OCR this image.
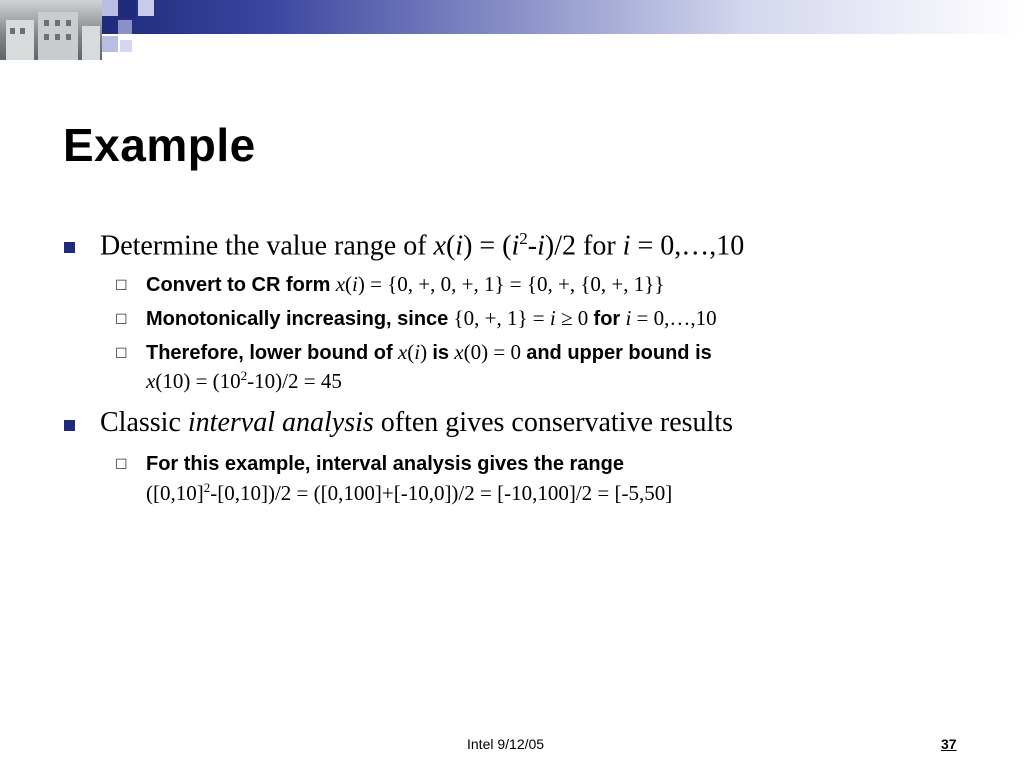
Example
Determine the value range of $x(i) = (i^2-i)/2$ for i = 0,…,10
☐ Convert to CR form x(i) = {0, +, 0, +, 1} = {0, +, {0, +, 1}}
☐ Monotonically increasing, since {0, +, 1} = i ≥ 0 for i = 0,…,10
☐ Therefore, lower bound of x(i) is x(0) = 0 and upper bound is
$x(10) = (10^2-10)/2 = 45$
Classic interval analysis often gives conservative results
☐ For this example, interval analysis gives the range
$([0,10]^2-[0,10])/2 = ([0,100]+[-10,0])/2 = [-10,100]/2 = [-5,50]$
Intel 9/12/05	37
